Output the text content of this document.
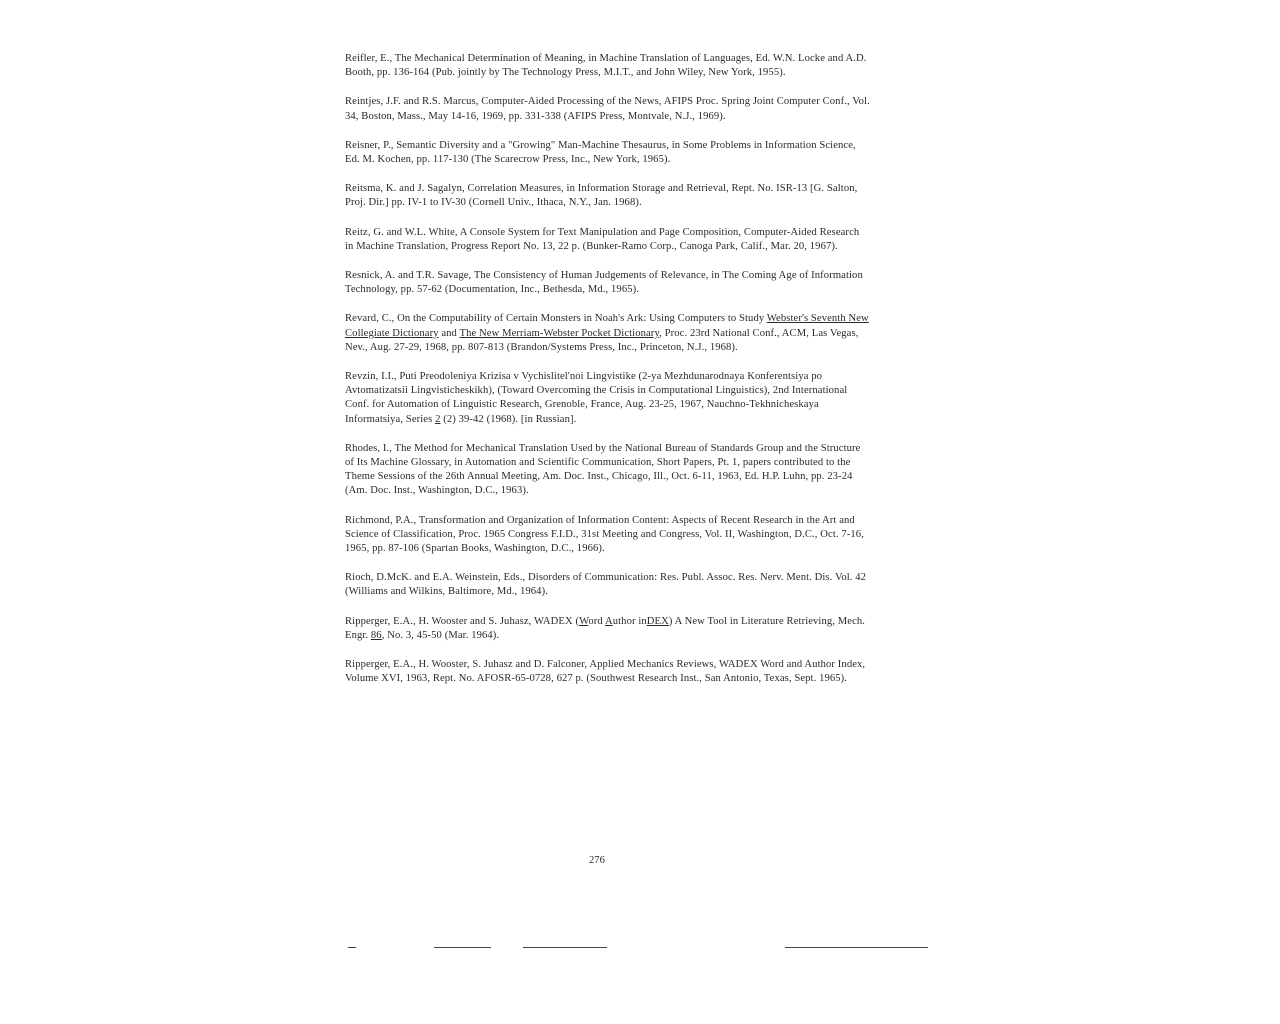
Reifler, E., The Mechanical Determination of Meaning, in Machine Translation of Languages, Ed. W.N. Locke and A.D. Booth, pp. 136-164 (Pub. jointly by The Technology Press, M.I.T., and John Wiley, New York, 1955).

Reintjes, J.F. and R.S. Marcus, Computer-Aided Processing of the News, AFIPS Proc. Spring Joint Computer Conf., Vol. 34, Boston, Mass., May 14-16, 1969, pp. 331-338 (AFIPS Press, Montvale, N.J., 1969).

Reisner, P., Semantic Diversity and a "Growing" Man-Machine Thesaurus, in Some Problems in Information Science, Ed. M. Kochen, pp. 117-130 (The Scarecrow Press, Inc., New York, 1965).

Reitsma, K. and J. Sagalyn, Correlation Measures, in Information Storage and Retrieval, Rept. No. ISR-13 [G. Salton, Proj. Dir.] pp. IV-1 to IV-30 (Cornell Univ., Ithaca, N.Y., Jan. 1968).

Reitz, G. and W.L. White, A Console System for Text Manipulation and Page Composition, Computer-Aided Research in Machine Translation, Progress Report No. 13, 22 p. (Bunker-Ramo Corp., Canoga Park, Calif., Mar. 20, 1967).

Resnick, A. and T.R. Savage, The Consistency of Human Judgements of Relevance, in The Coming Age of Information Technology, pp. 57-62 (Documentation, Inc., Bethesda, Md., 1965).

Revard, C., On the Computability of Certain Monsters in Noah's Ark: Using Computers to Study Webster's Seventh New Collegiate Dictionary and The New Merriam-Webster Pocket Dictionary, Proc. 23rd National Conf., ACM, Las Vegas, Nev., Aug. 27-29, 1968, pp. 807-813 (Brandon/Systems Press, Inc., Princeton, N.J., 1968).

Revzin, I.I., Puti Preodoleniya Krizisa v Vychislitel'noi Lingvistike (2-ya Mezhdunarodnaya Konferentsiya po Avtomatizatsii Lingvisticheskikh), (Toward Overcoming the Crisis in Computational Linguistics), 2nd International Conf. for Automation of Linguistic Research, Grenoble, France, Aug. 23-25, 1967, Nauchno-Tekhnicheskaya Informatsiya, Series 2 (2) 39-42 (1968). [in Russian].

Rhodes, I., The Method for Mechanical Translation Used by the National Bureau of Standards Group and the Structure of Its Machine Glossary, in Automation and Scientific Communication, Short Papers, Pt. 1, papers contributed to the Theme Sessions of the 26th Annual Meeting, Am. Doc. Inst., Chicago, Ill., Oct. 6-11, 1963, Ed. H.P. Luhn, pp. 23-24 (Am. Doc. Inst., Washington, D.C., 1963).

Richmond, P.A., Transformation and Organization of Information Content: Aspects of Recent Research in the Art and Science of Classification, Proc. 1965 Congress F.I.D., 31st Meeting and Congress, Vol. II, Washington, D.C., Oct. 7-16, 1965, pp. 87-106 (Spartan Books, Washington, D.C., 1966).

Rioch, D.McK. and E.A. Weinstein, Eds., Disorders of Communication: Res. Publ. Assoc. Res. Nerv. Ment. Dis. Vol. 42 (Williams and Wilkins, Baltimore, Md., 1964).

Ripperger, E.A., H. Wooster and S. Juhasz, WADEX (Word Author inDEX) A New Tool in Literature Retrieving, Mech. Engr. 86, No. 3, 45-50 (Mar. 1964).

Ripperger, E.A., H. Wooster, S. Juhasz and D. Falconer, Applied Mechanics Reviews, WADEX Word and Author Index, Volume XVI, 1963, Rept. No. AFOSR-65-0728, 627 p. (Southwest Research Inst., San Antonio, Texas, Sept. 1965).

276
